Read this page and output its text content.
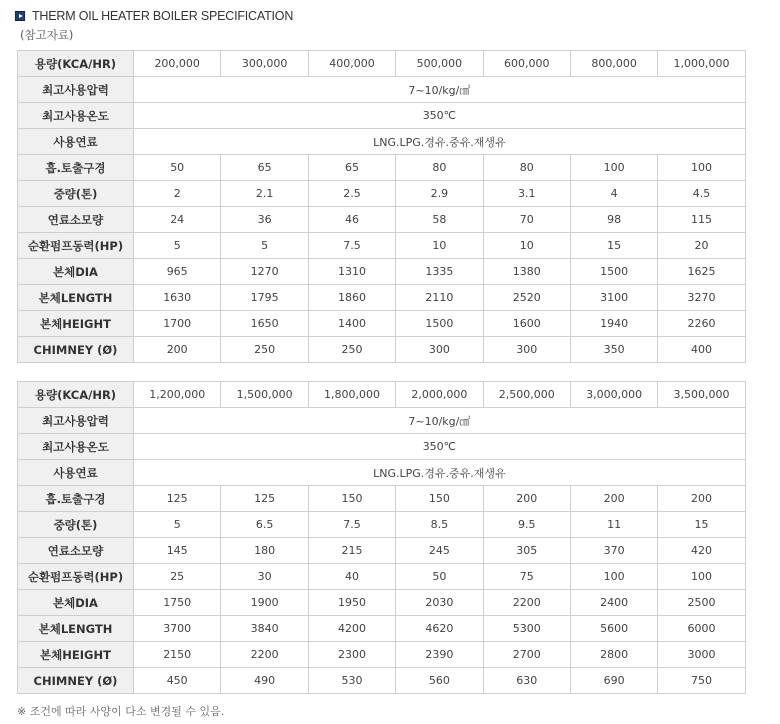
THERM OIL HEATER BOILER SPECIFICATION
(참고자료)
용량(KCA/HR)	200,000	300,000	400,000	500,000	600,000	800,000	1,000,000
최고사용압력	7~10/kg/㎠						
최고사용온도	350℃						
사용연료	LNG.LPG.경유.중유.재생유						
흡.토출구경	50	65	65	80	80	100	100
중량(톤)	2	2.1	2.5	2.9	3.1	4	4.5
연료소모량	24	36	46	58	70	98	115
순환펌프동력(HP)	5	5	7.5	10	10	15	20
본체DIA	965	1270	1310	1335	1380	1500	1625
본체LENGTH	1630	1795	1860	2110	2520	3100	3270
본체HEIGHT	1700	1650	1400	1500	1600	1940	2260
CHIMNEY (Ø)	200	250	250	300	300	350	400
용량(KCA/HR)	1,200,000	1,500,000	1,800,000	2,000,000	2,500,000	3,000,000	3,500,000
최고사용압력	7~10/kg/㎠						
최고사용온도	350℃						
사용연료	LNG.LPG.경유.중유.재생유						
흡.토출구경	125	125	150	150	200	200	200
중량(톤)	5	6.5	7.5	8.5	9.5	11	15
연료소모량	145	180	215	245	305	370	420
순환펌프동력(HP)	25	30	40	50	75	100	100
본체DIA	1750	1900	1950	2030	2200	2400	2500
본체LENGTH	3700	3840	4200	4620	5300	5600	6000
본체HEIGHT	2150	2200	2300	2390	2700	2800	3000
CHIMNEY (Ø)	450	490	530	560	630	690	750
※ 조건에 따라 사양이 다소 변경될 수 있음.
